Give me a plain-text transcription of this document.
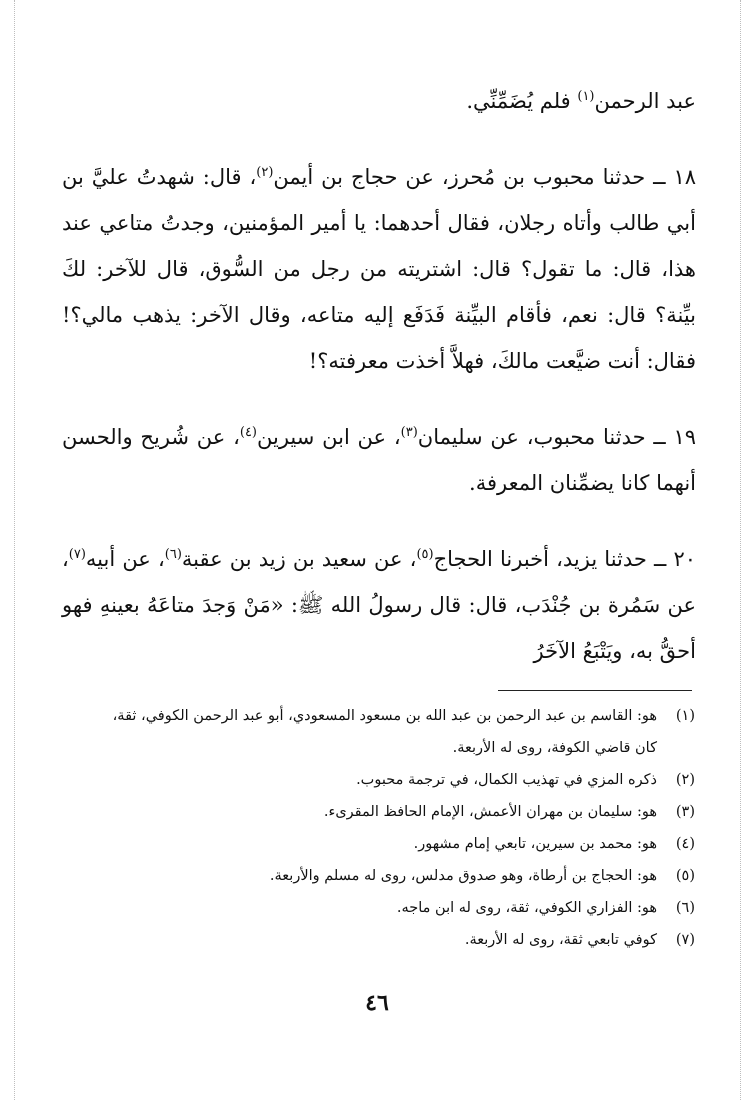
عبد الرحمن$^{(١)}$ فلم يُضَمِّنِّي.

١٨ ــ حدثنا محبوب بن مُحرز، عن حجاج بن أيمن$^{(٢)}$، قال: شهدتُ عليَّ بن أبي طالب وأتاه رجلان، فقال أحدهما: يا أمير المؤمنين، وجدتُ متاعي عند هذا، قال: ما تقول؟ قال: اشتريته من رجل من السُّوق، قال للآخر: لكَ بيِّنة؟ قال: نعم، فأقام البيِّنة فَدَفَع إليه متاعه، وقال الآخر: يذهب مالي؟! فقال: أنت ضيَّعت مالكَ، فهلاَّ أخذت معرفته؟!

١٩ ــ حدثنا محبوب، عن سليمان$^{(٣)}$، عن ابن سيرين$^{(٤)}$، عن شُريح والحسن أنهما كانا يضمِّنان المعرفة.

٢٠ ــ حدثنا يزيد، أخبرنا الحجاج$^{(٥)}$، عن سعيد بن زيد بن عقبة$^{(٦)}$، عن أبيه$^{(٧)}$، عن سَمُرة بن جُنْدَب، قال: قال رسولُ الله ﷺ: «مَنْ وَجدَ متاعَهُ بعينهِ فهو أحقُّ به، ويَتْبَعُ الآخَرُ

(١)
هو: القاسم بن عبد الرحمن بن عبد الله بن مسعود المسعودي، أبو عبد الرحمن الكوفي، ثقة، كان قاضي الكوفة، روى له الأربعة.
(٢)
ذكره المزي في تهذيب الكمال، في ترجمة محبوب.
(٣)
هو: سليمان بن مهران الأعمش، الإمام الحافظ المقرىء.
(٤)
هو: محمد بن سيرين، تابعي إمام مشهور.
(٥)
هو: الحجاج بن أرطاة، وهو صدوق مدلس، روى له مسلم والأربعة.
(٦)
هو: الفزاري الكوفي، ثقة، روى له ابن ماجه.
(٧)
كوفي تابعي ثقة، روى له الأربعة.
٤٦
